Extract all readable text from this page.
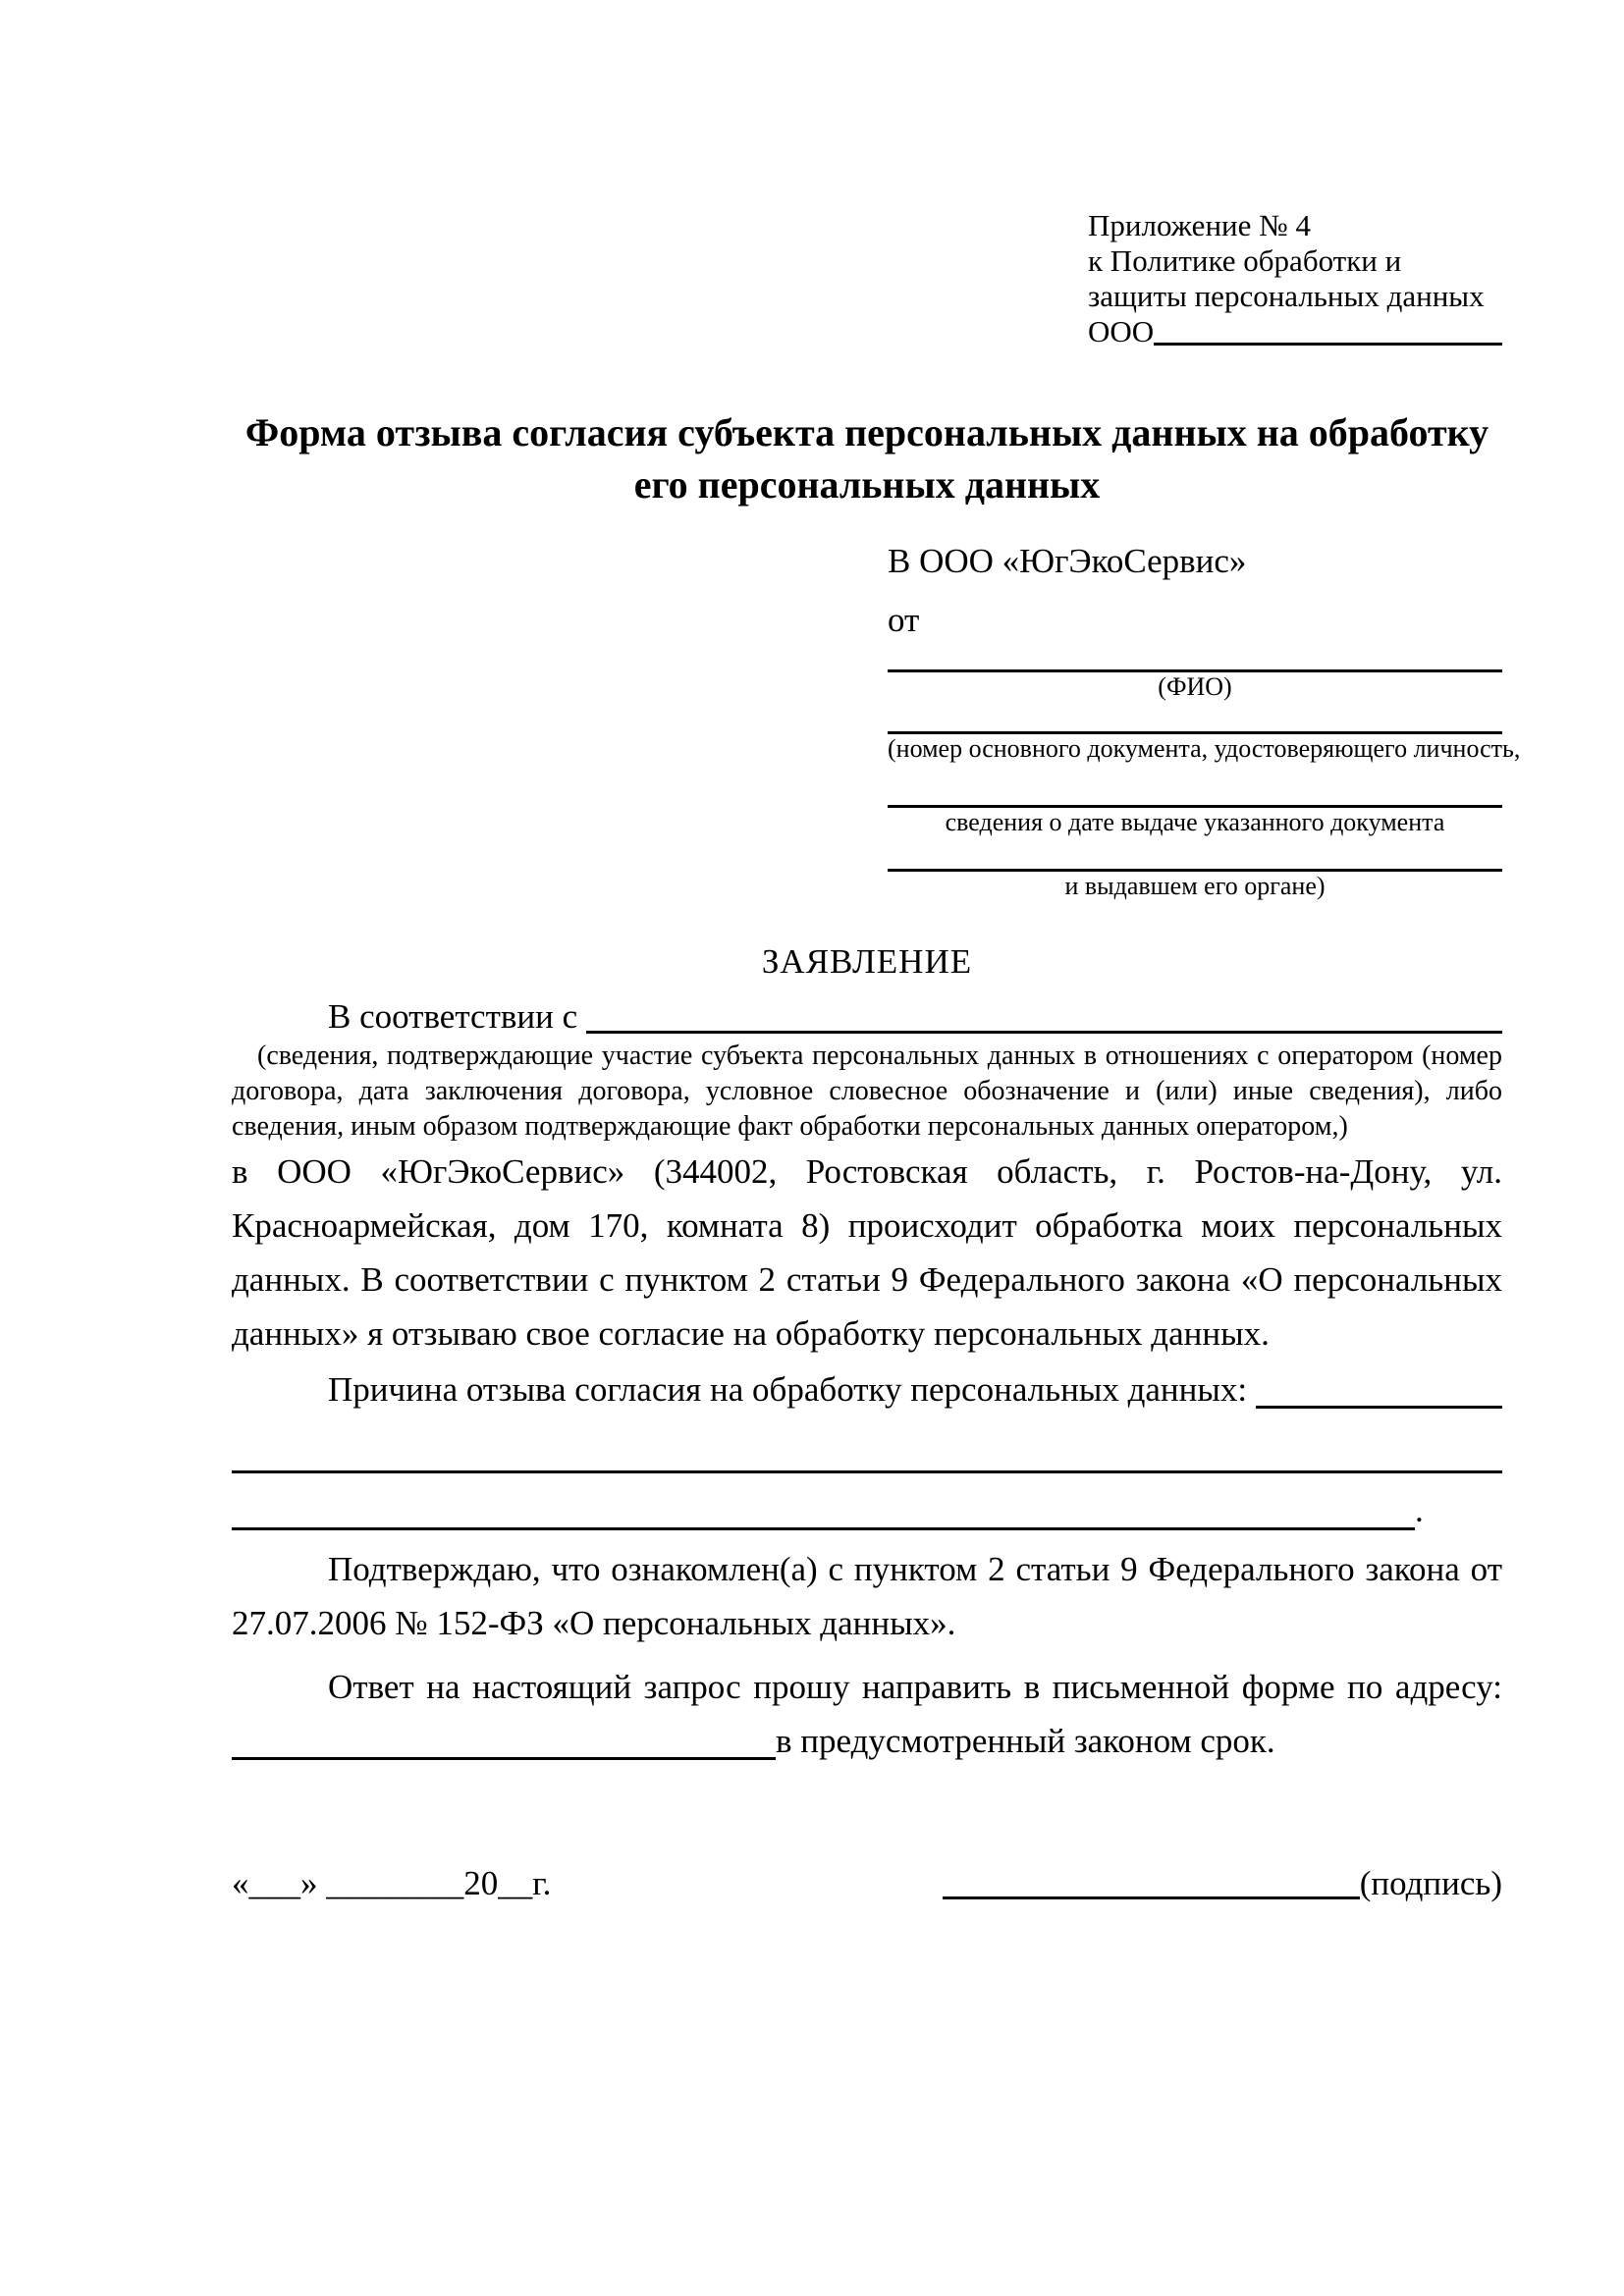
Приложение № 4
к Политике обработки и
защиты персональных данных
ООО
Форма отзыва согласия субъекта персональных данных на обработку
его персональных данных
В ООО «ЮгЭкоСервис»
от
(ФИО)
(номер основного документа, удостоверяющего личность,
сведения о дате выдаче указанного документа
и выдавшем его органе)
ЗАЯВЛЕНИЕ
В соответствии с

(сведения, подтверждающие участие субъекта персональных данных в отношениях с оператором (номер договора, дата заключения договора, условное словесное обозначение и (или) иные сведения), либо сведения, иным образом подтверждающие факт обработки персональных данных оператором,)
в ООО «ЮгЭкоСервис» (344002, Ростовская область, г. Ростов-на-Дону, ул. Красноармейская, дом 170, комната 8) происходит обработка моих персональных данных. В соответствии с пунктом 2 статьи 9 Федерального закона «О персональных данных» я отзываю свое согласие на обработку персональных данных.
Причина отзыва согласия на обработку персональных данных:

.
Подтверждаю, что ознакомлен(а) с пунктом 2 статьи 9 Федерального закона от 27.07.2006 № 152-ФЗ «О персональных данных».
Ответ на настоящий запрос прошу направить в письменной форме по адресу:
в предусмотренный законом срок.
«___» ________20__г.	(подпись)
